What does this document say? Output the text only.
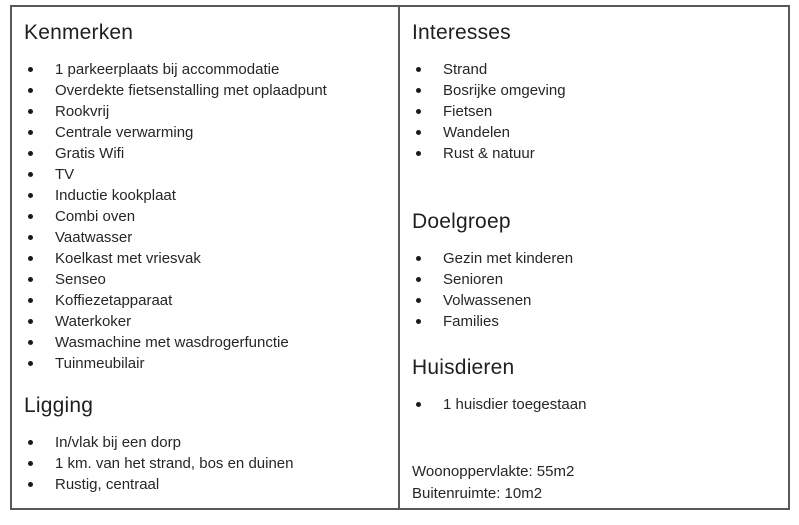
Kenmerken
1 parkeerplaats bij accommodatie
Overdekte fietsenstalling met oplaadpunt
Rookvrij
Centrale verwarming
Gratis Wifi
TV
Inductie kookplaat
Combi oven
Vaatwasser
Koelkast met vriesvak
Senseo
Koffiezetapparaat
Waterkoker
Wasmachine met wasdrogerfunctie
Tuinmeubilair
Ligging
In/vlak bij een dorp
1 km. van het strand, bos en duinen
Rustig, centraal
Interesses
Strand
Bosrijke omgeving
Fietsen
Wandelen
Rust & natuur
Doelgroep
Gezin met kinderen
Senioren
Volwassenen
Families
Huisdieren
1 huisdier toegestaan
Woonoppervlakte: 55m2
Buitenruimte: 10m2
